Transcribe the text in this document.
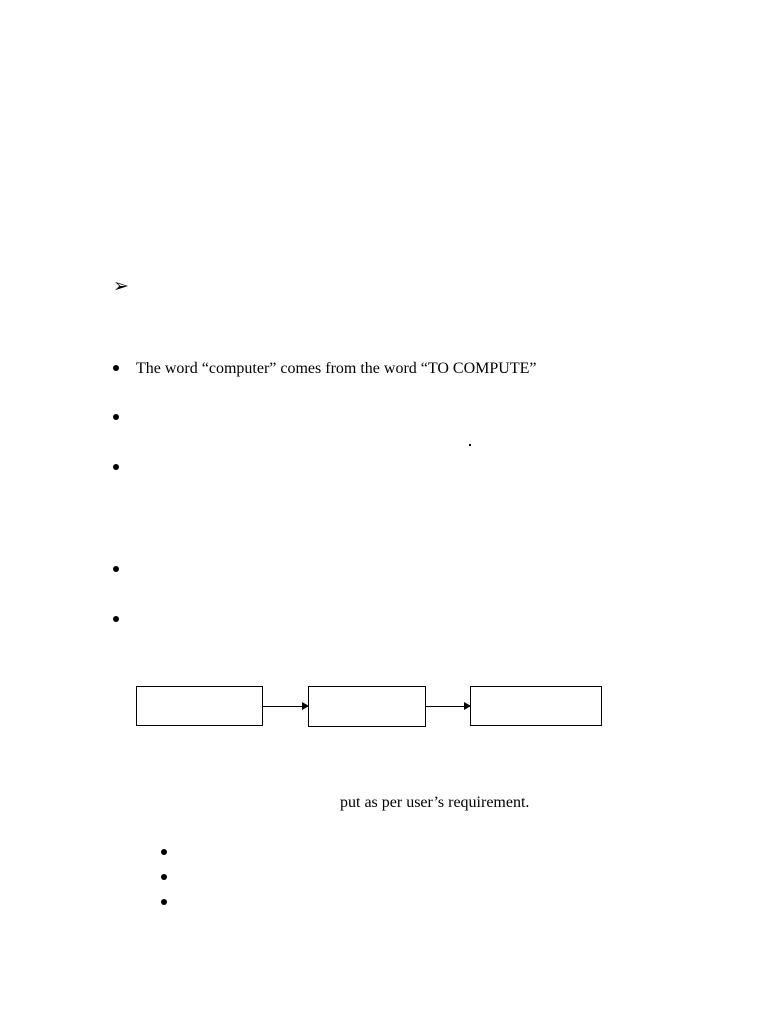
➢
The word “computer” comes from the word “TO COMPUTE”
put as per user’s requirement.
